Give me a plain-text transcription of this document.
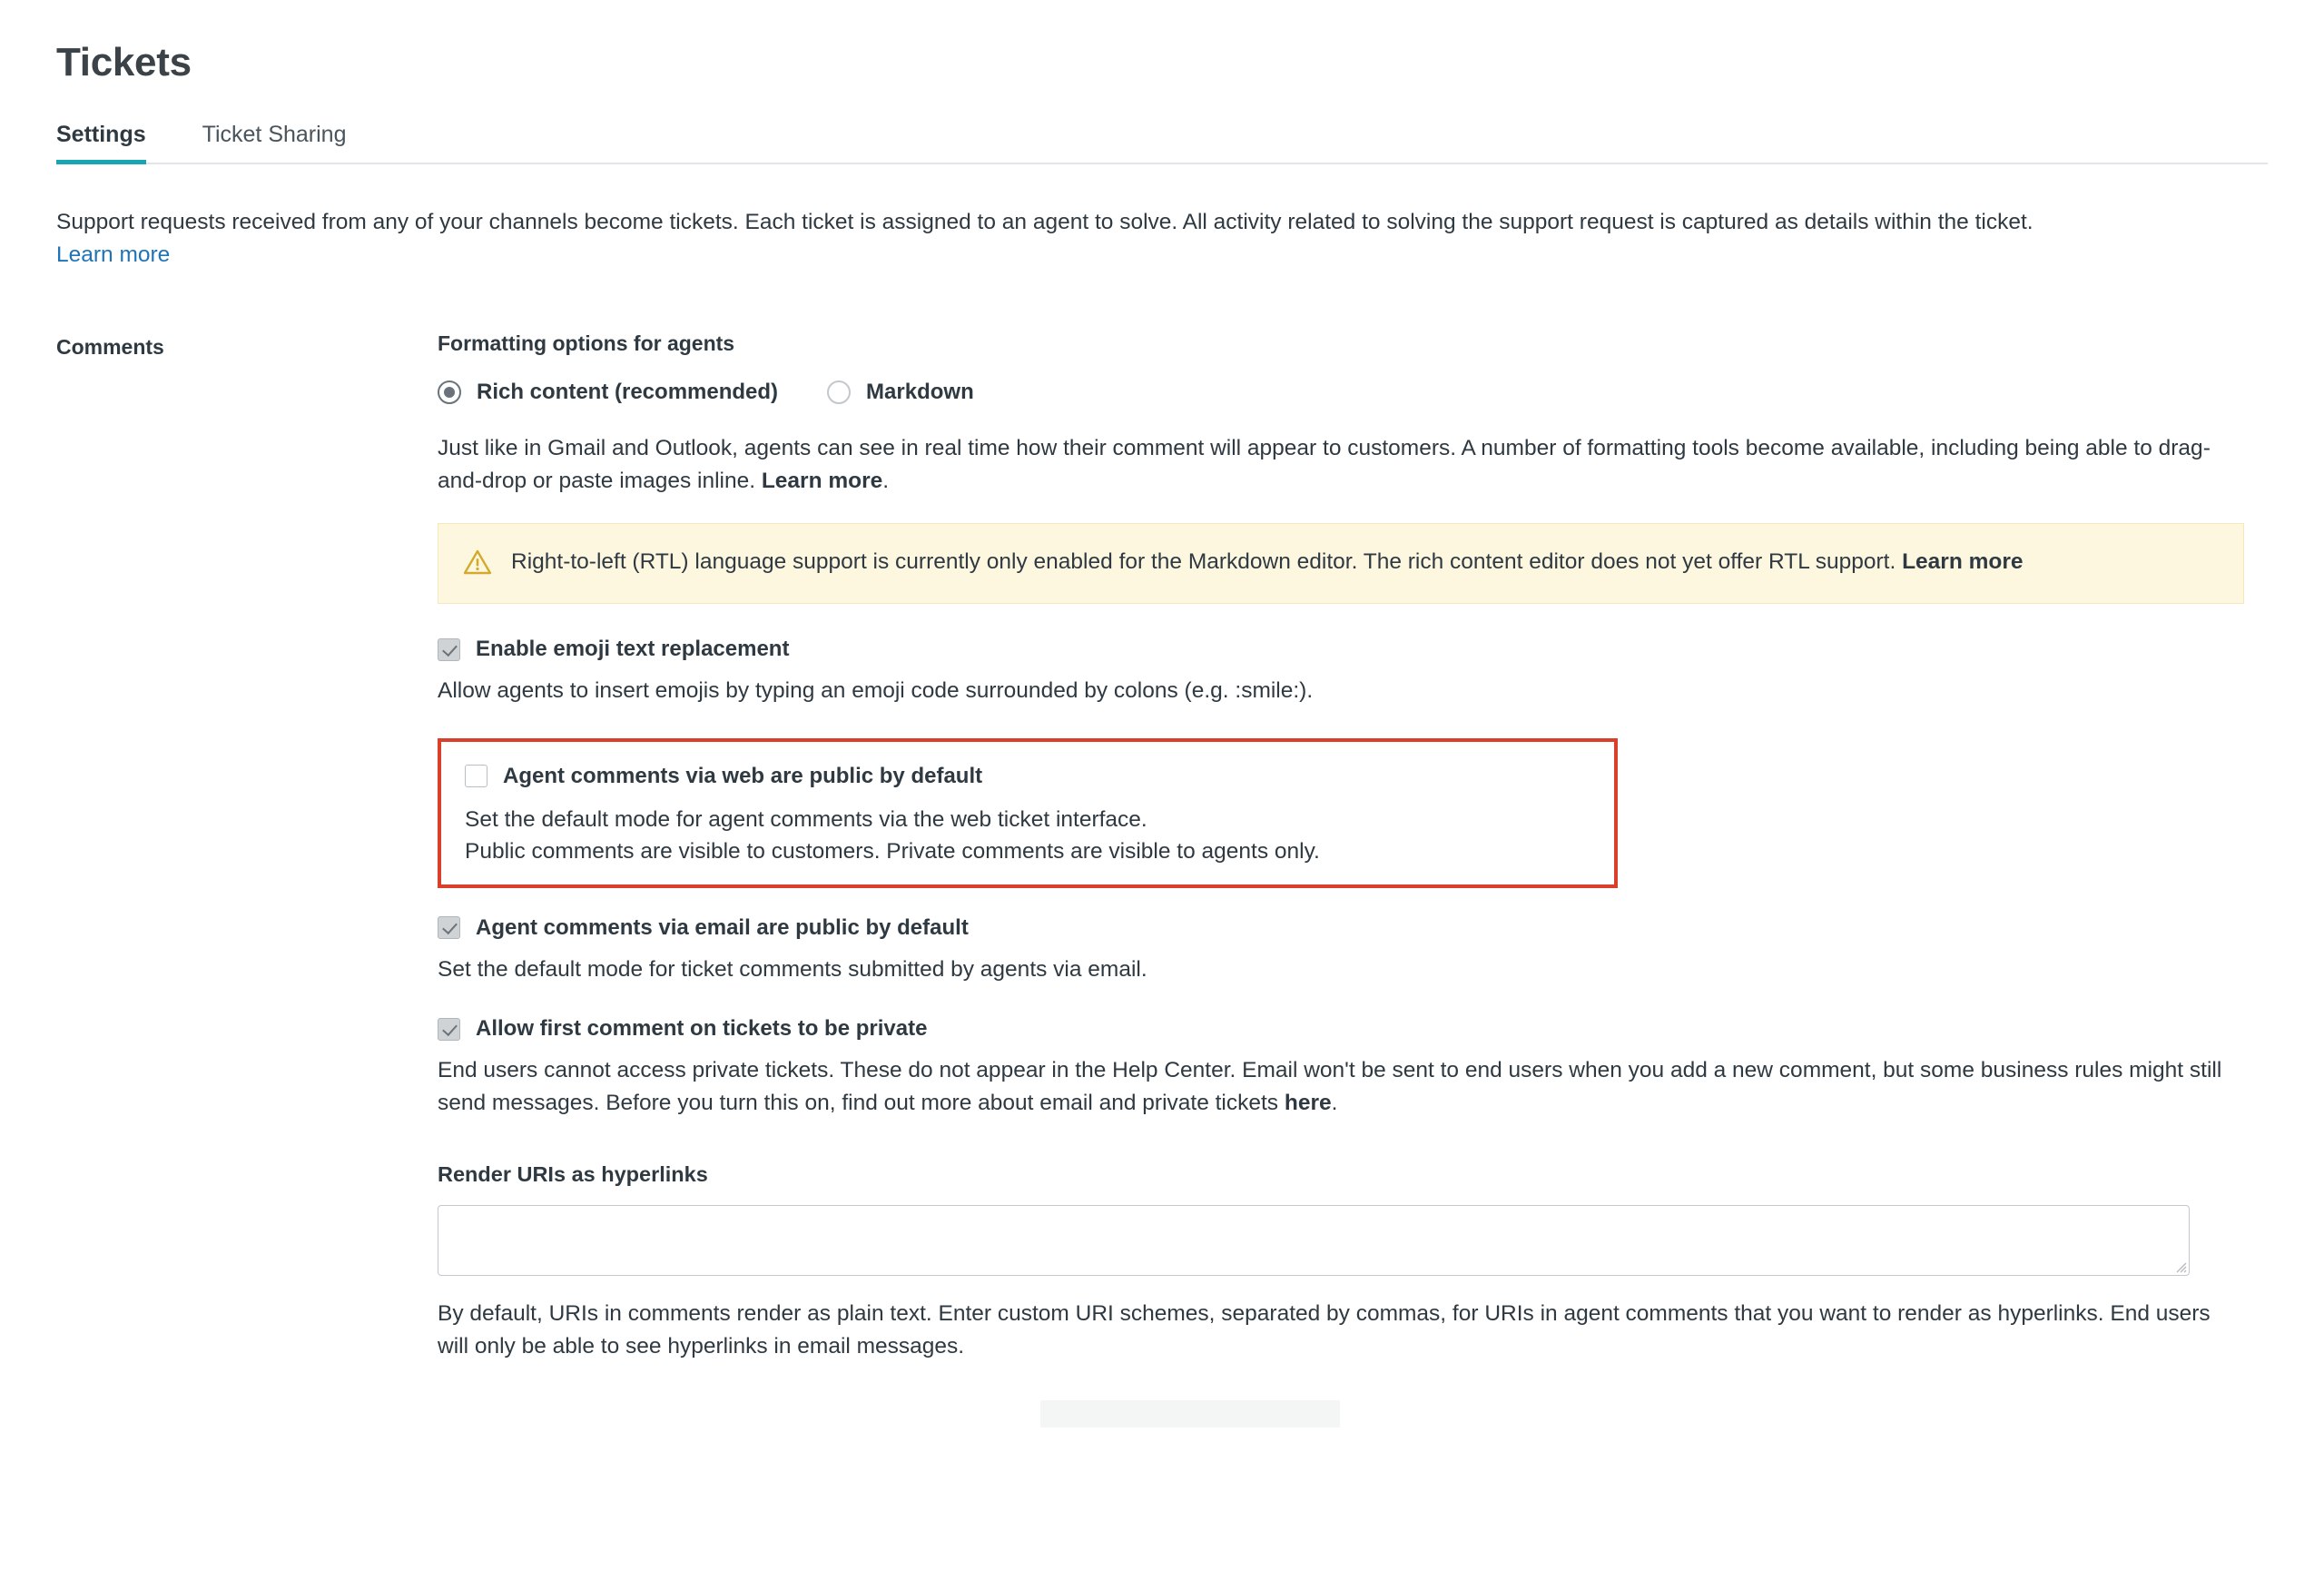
Tickets
Settings Ticket Sharing

Support requests received from any of your channels become tickets. Each ticket is assigned to an agent to solve. All activity related to solving the support request is captured as details within the ticket. Learn more

Comments	Formatting options for agents
Rich content (recommended)	Markdown

Just like in Gmail and Outlook, agents can see in real time how their comment will appear to customers. A number of formatting tools become available, including being able to drag-and-drop or paste images inline. Learn more.

Right-to-left (RTL) language support is currently only enabled for the Markdown editor. The rich content editor does not yet offer RTL support. Learn more
Enable emoji text replacement

Allow agents to insert emojis by typing an emoji code surrounded by colons (e.g. :smile:).

Agent comments via web are public by default

Set the default mode for agent comments via the web ticket interface.

Public comments are visible to customers. Private comments are visible to agents only.

Agent comments via email are public by default

Set the default mode for ticket comments submitted by agents via email.

Allow first comment on tickets to be private

End users cannot access private tickets. These do not appear in the Help Center. Email won't be sent to end users when you add a new comment, but some business rules might still send messages. Before you turn this on, find out more about email and private tickets here.

Render URIs as hyperlinks

By default, URIs in comments render as plain text. Enter custom URI schemes, separated by commas, for URIs in agent comments that you want to render as hyperlinks. End users will only be able to see hyperlinks in email messages.
